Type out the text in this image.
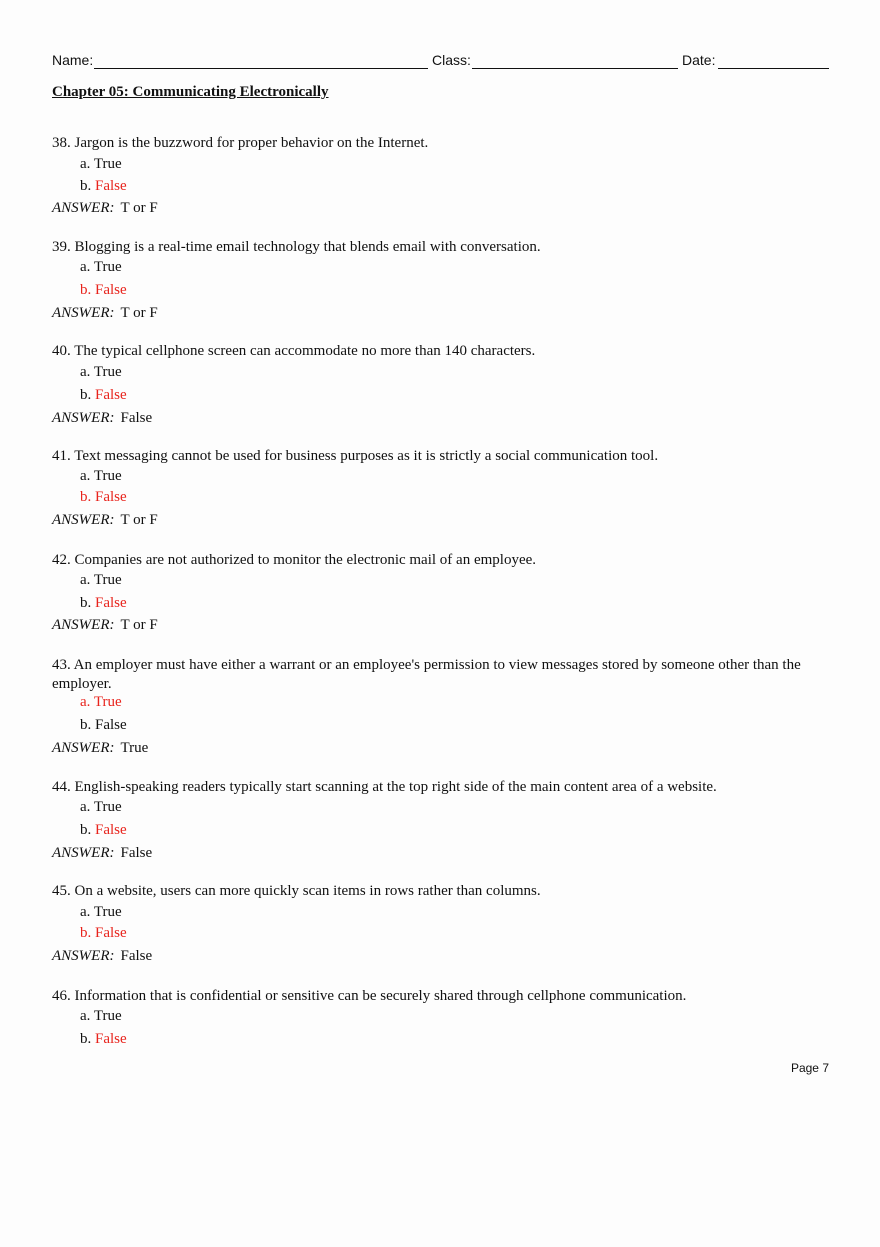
Name:	Class:	Date:
Chapter 05: Communicating Electronically
38. Jargon is the buzzword for proper behavior on the Internet.
a. True
b. False
ANSWER: T or F
39. Blogging is a real-time email technology that blends email with conversation.
a. True
b. False
ANSWER: T or F
40. The typical cellphone screen can accommodate no more than 140 characters.
a. True
b. False
ANSWER: False
41. Text messaging cannot be used for business purposes as it is strictly a social communication tool.
a. True
b. False
ANSWER: T or F
42. Companies are not authorized to monitor the electronic mail of an employee.
a. True
b. False
ANSWER: T or F
43. An employer must have either a warrant or an employee's permission to view messages stored by someone other than the employer.
a. True
b. False
ANSWER: True
44. English-speaking readers typically start scanning at the top right side of the main content area of a website.
a. True
b. False
ANSWER: False
45. On a website, users can more quickly scan items in rows rather than columns.
a. True
b. False
ANSWER: False
46. Information that is confidential or sensitive can be securely shared through cellphone communication.
a. True
b. False
Page 7
